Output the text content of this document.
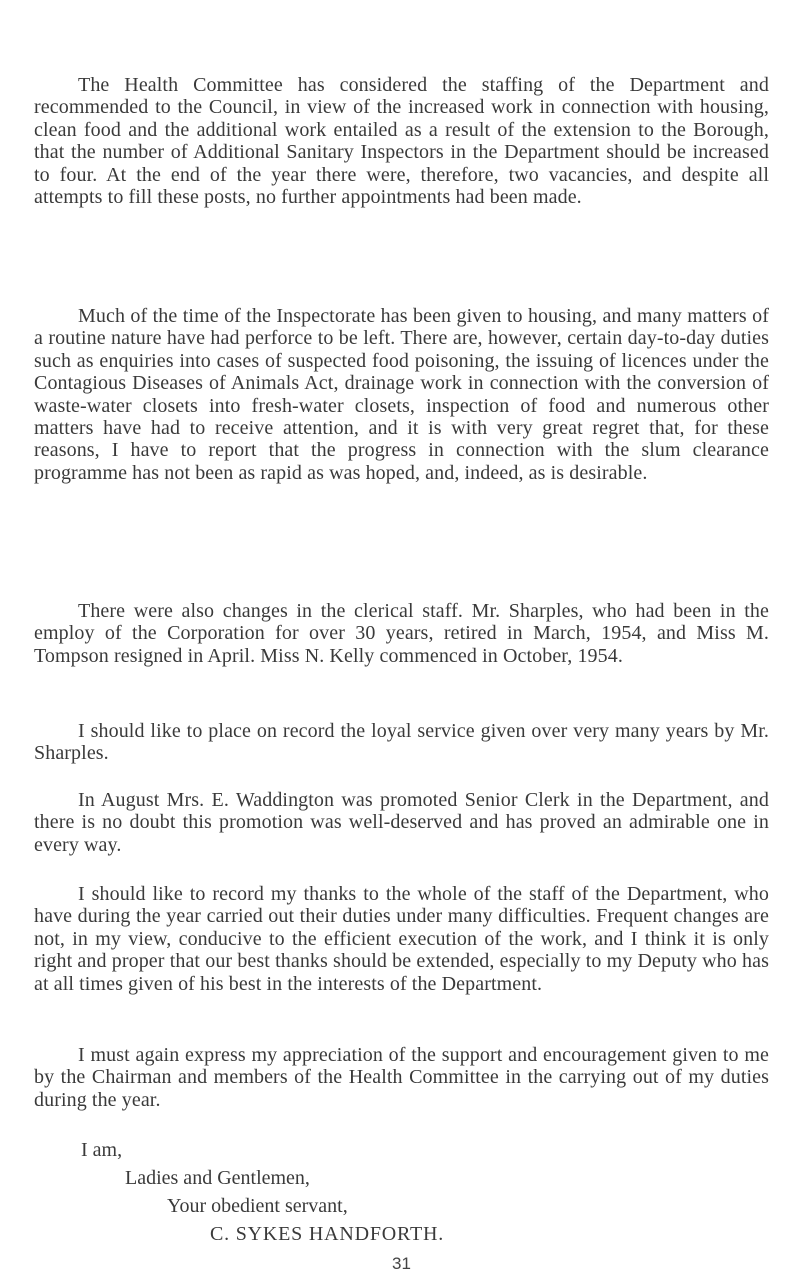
The Health Committee has considered the staffing of the Department and recommended to the Council, in view of the increased work in connection with housing, clean food and the additional work entailed as a result of the extension to the Borough, that the number of Additional Sanitary Inspectors in the Department should be increased to four. At the end of the year there were, therefore, two vacancies, and despite all attempts to fill these posts, no further appointments had been made.

Much of the time of the Inspectorate has been given to housing, and many matters of a routine nature have had perforce to be left. There are, however, certain day-to-day duties such as enquiries into cases of suspected food poisoning, the issuing of licences under the Contagious Diseases of Animals Act, drainage work in connection with the conversion of waste-water closets into fresh-water closets, inspection of food and numerous other matters have had to receive attention, and it is with very great regret that, for these reasons, I have to report that the progress in connection with the slum clearance programme has not been as rapid as was hoped, and, indeed, as is desirable.

There were also changes in the clerical staff. Mr. Sharples, who had been in the employ of the Corporation for over 30 years, retired in March, 1954, and Miss M. Tompson resigned in April. Miss N. Kelly commenced in October, 1954.

I should like to place on record the loyal service given over very many years by Mr. Sharples.

In August Mrs. E. Waddington was promoted Senior Clerk in the Department, and there is no doubt this promotion was well-deserved and has proved an admirable one in every way.

I should like to record my thanks to the whole of the staff of the Department, who have during the year carried out their duties under many difficulties. Frequent changes are not, in my view, conducive to the efficient execution of the work, and I think it is only right and proper that our best thanks should be extended, especially to my Deputy who has at all times given of his best in the interests of the Department.

I must again express my appreciation of the support and encouragement given to me by the Chairman and members of the Health Committee in the carrying out of my duties during the year.

I am,
Ladies and Gentlemen,
Your obedient servant,
C. SYKES HANDFORTH.
31
